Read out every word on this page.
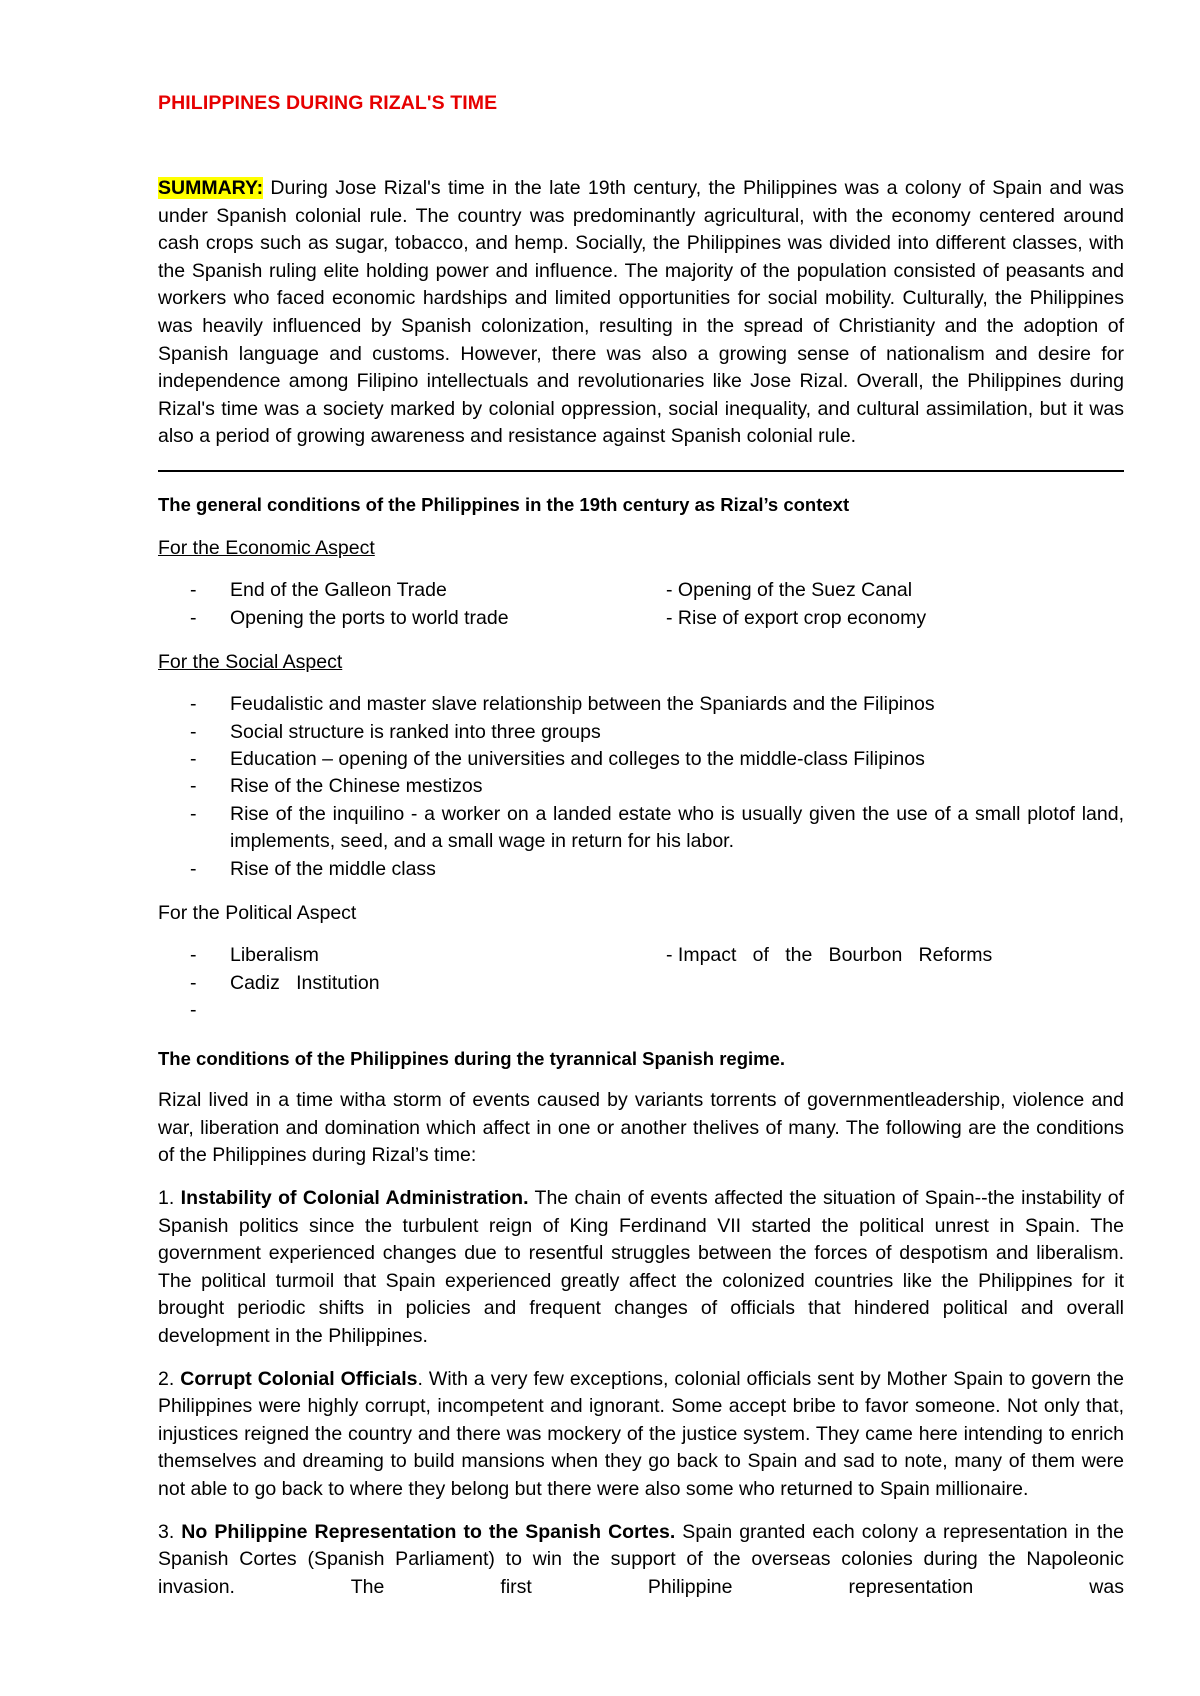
PHILIPPINES DURING RIZAL'S TIME

SUMMARY: During Jose Rizal's time in the late 19th century, the Philippines was a colony of Spain and was under Spanish colonial rule. The country was predominantly agricultural, with the economy centered around cash crops such as sugar, tobacco, and hemp. Socially, the Philippines was divided into different classes, with the Spanish ruling elite holding power and influence. The majority of the population consisted of peasants and workers who faced economic hardships and limited opportunities for social mobility. Culturally, the Philippines was heavily influenced by Spanish colonization, resulting in the spread of Christianity and the adoption of Spanish language and customs. However, there was also a growing sense of nationalism and desire for independence among Filipino intellectuals and revolutionaries like Jose Rizal. Overall, the Philippines during Rizal's time was a society marked by colonial oppression, social inequality, and cultural assimilation, but it was also a period of growing awareness and resistance against Spanish colonial rule.

The general conditions of the Philippines in the 19th century as Rizal’s context

For the Economic Aspect

- End of the Galleon Trade
- Opening the ports to world trade
- Opening of the Suez Canal
- Rise of export crop economy

For the Social Aspect

- Feudalistic and master slave relationship between the Spaniards and the Filipinos
- Social structure is ranked into three groups
- Education – opening of the universities and colleges to the middle-class Filipinos
- Rise of the Chinese mestizos
- Rise of the inquilino - a worker on a landed estate who is usually given the use of a small plotof land, implements, seed, and a small wage in return for his labor.
- Rise of the middle class

For the Political Aspect

- Liberalism
- Cadiz   Institution
-
- Impact   of   the   Bourbon   Reforms

The conditions of the Philippines during the tyrannical Spanish regime.

Rizal lived in a time witha storm of events caused by variants torrents of governmentleadership, violence and war, liberation and domination which affect in one or another thelives of many. The following are the conditions of the Philippines during Rizal’s time:

1. Instability of Colonial Administration. The chain of events affected the situation of Spain--the instability of Spanish politics since the turbulent reign of King Ferdinand VII started the political unrest in Spain. The government experienced changes due to resentful struggles between the forces of despotism and liberalism. The political turmoil that Spain experienced greatly affect the colonized countries like the Philippines for it brought periodic shifts in policies and frequent changes of officials that hindered political and overall development in the Philippines.

2. Corrupt Colonial Officials. With a very few exceptions, colonial officials sent by Mother Spain to govern the Philippines were highly corrupt, incompetent and ignorant. Some accept bribe to favor someone. Not only that, injustices reigned the country and there was mockery of the justice system. They came here intending to enrich themselves and dreaming to build mansions when they go back to Spain and sad to note, many of them were not able to go back to where they belong but there were also some who returned to Spain millionaire.

3. No Philippine Representation to the Spanish Cortes. Spain granted each colony a representation in the Spanish Cortes (Spanish Parliament) to win the support of the overseas colonies during the Napoleonic invasion. The first Philippine representation was
